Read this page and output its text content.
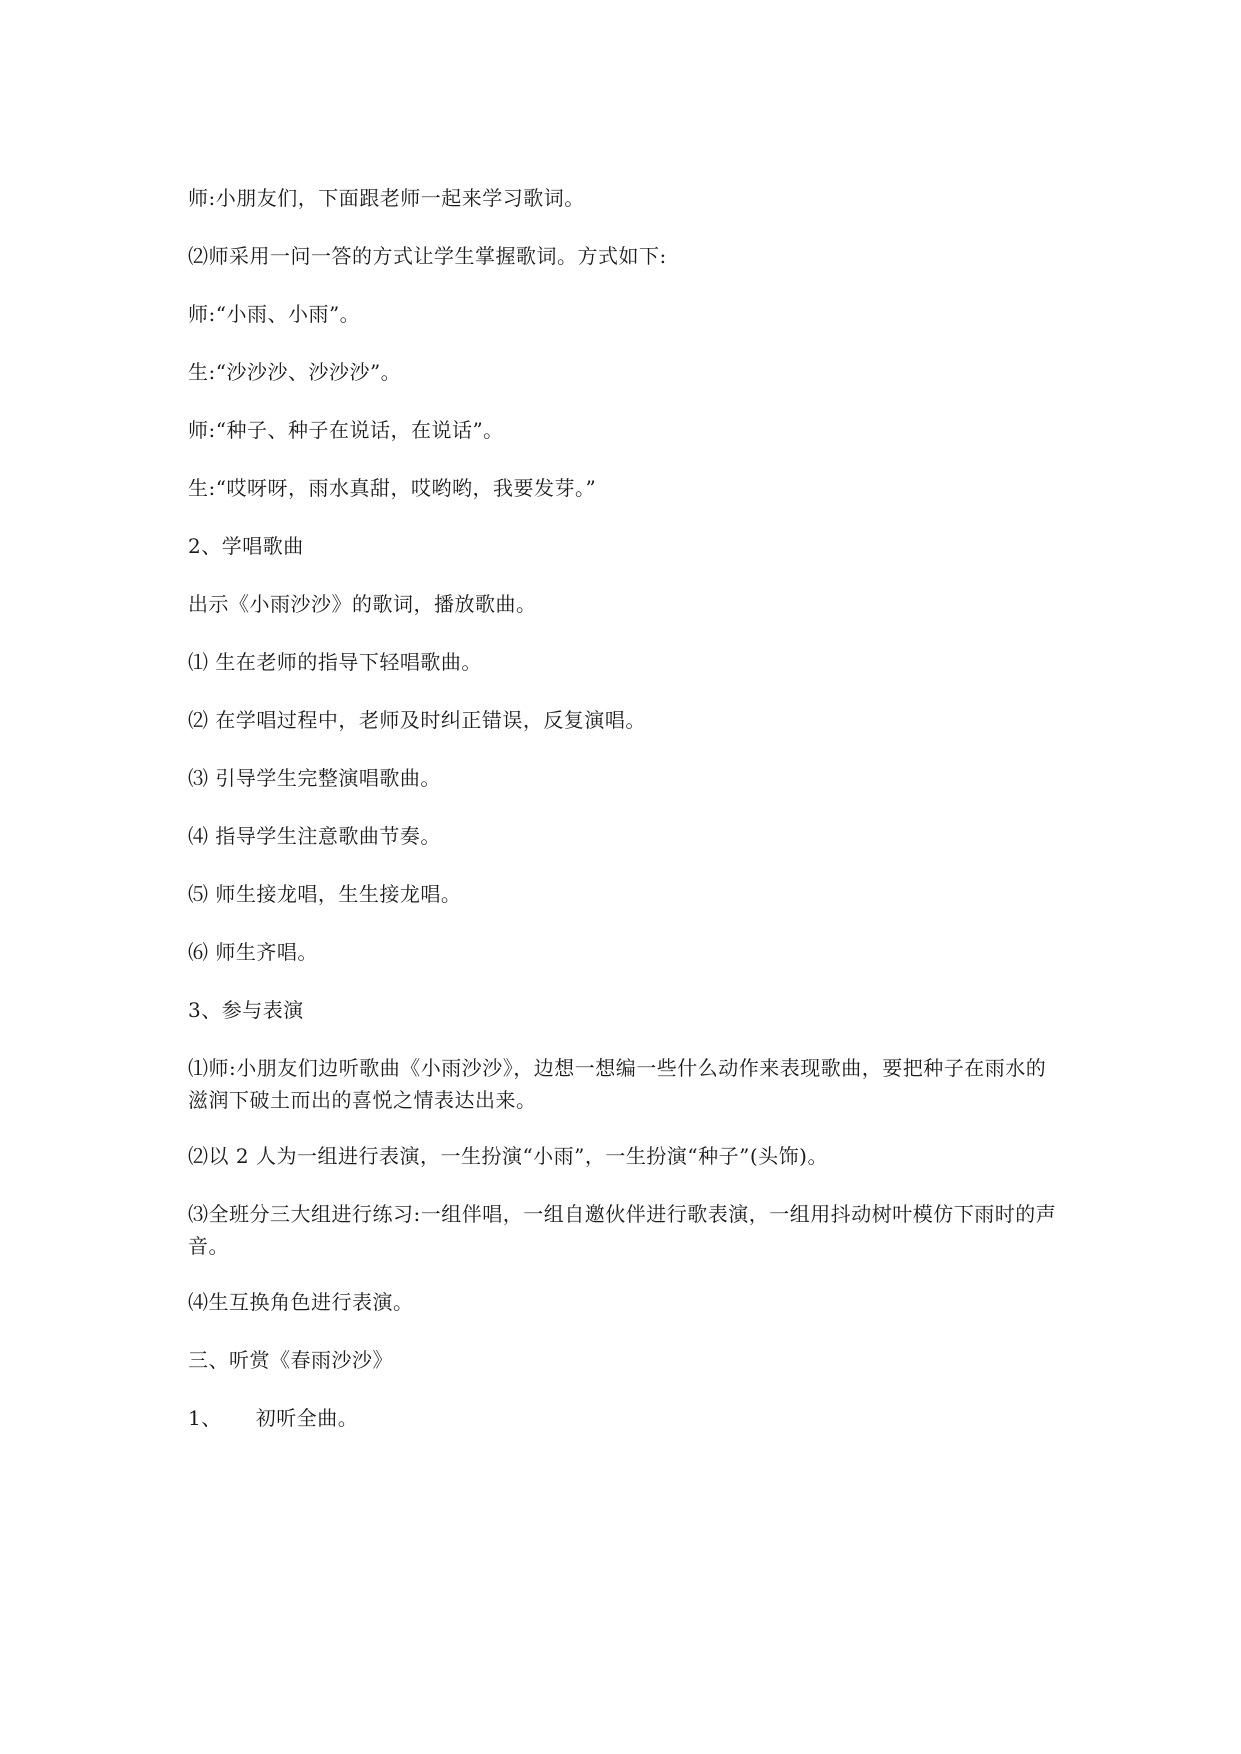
师:小朋友们，下面跟老师一起来学习歌词。
⑵师采用一问一答的方式让学生掌握歌词。方式如下:
师:“小雨、小雨”。
生:“沙沙沙、沙沙沙”。
师:“种子、种子在说话，在说话”。
生:“哎呀呀，雨水真甜，哎哟哟，我要发芽。”
2、学唱歌曲
出示《小雨沙沙》的歌词，播放歌曲。
⑴ 生在老师的指导下轻唱歌曲。
⑵ 在学唱过程中，老师及时纠正错误，反复演唱。
⑶ 引导学生完整演唱歌曲。
⑷ 指导学生注意歌曲节奏。
⑸ 师生接龙唱，生生接龙唱。
⑹ 师生齐唱。
3、参与表演
⑴师:小朋友们边听歌曲《小雨沙沙》，边想一想编一些什么动作来表现歌曲，要把种子在雨水的滋润下破土而出的喜悦之情表达出来。
⑵以 2 人为一组进行表演，一生扮演“小雨”，一生扮演“种子”(头饰)。
⑶全班分三大组进行练习:一组伴唱，一组自邀伙伴进行歌表演，一组用抖动树叶模仿下雨时的声音。
⑷生互换角色进行表演。
三、听赏《春雨沙沙》
1、 初听全曲。
